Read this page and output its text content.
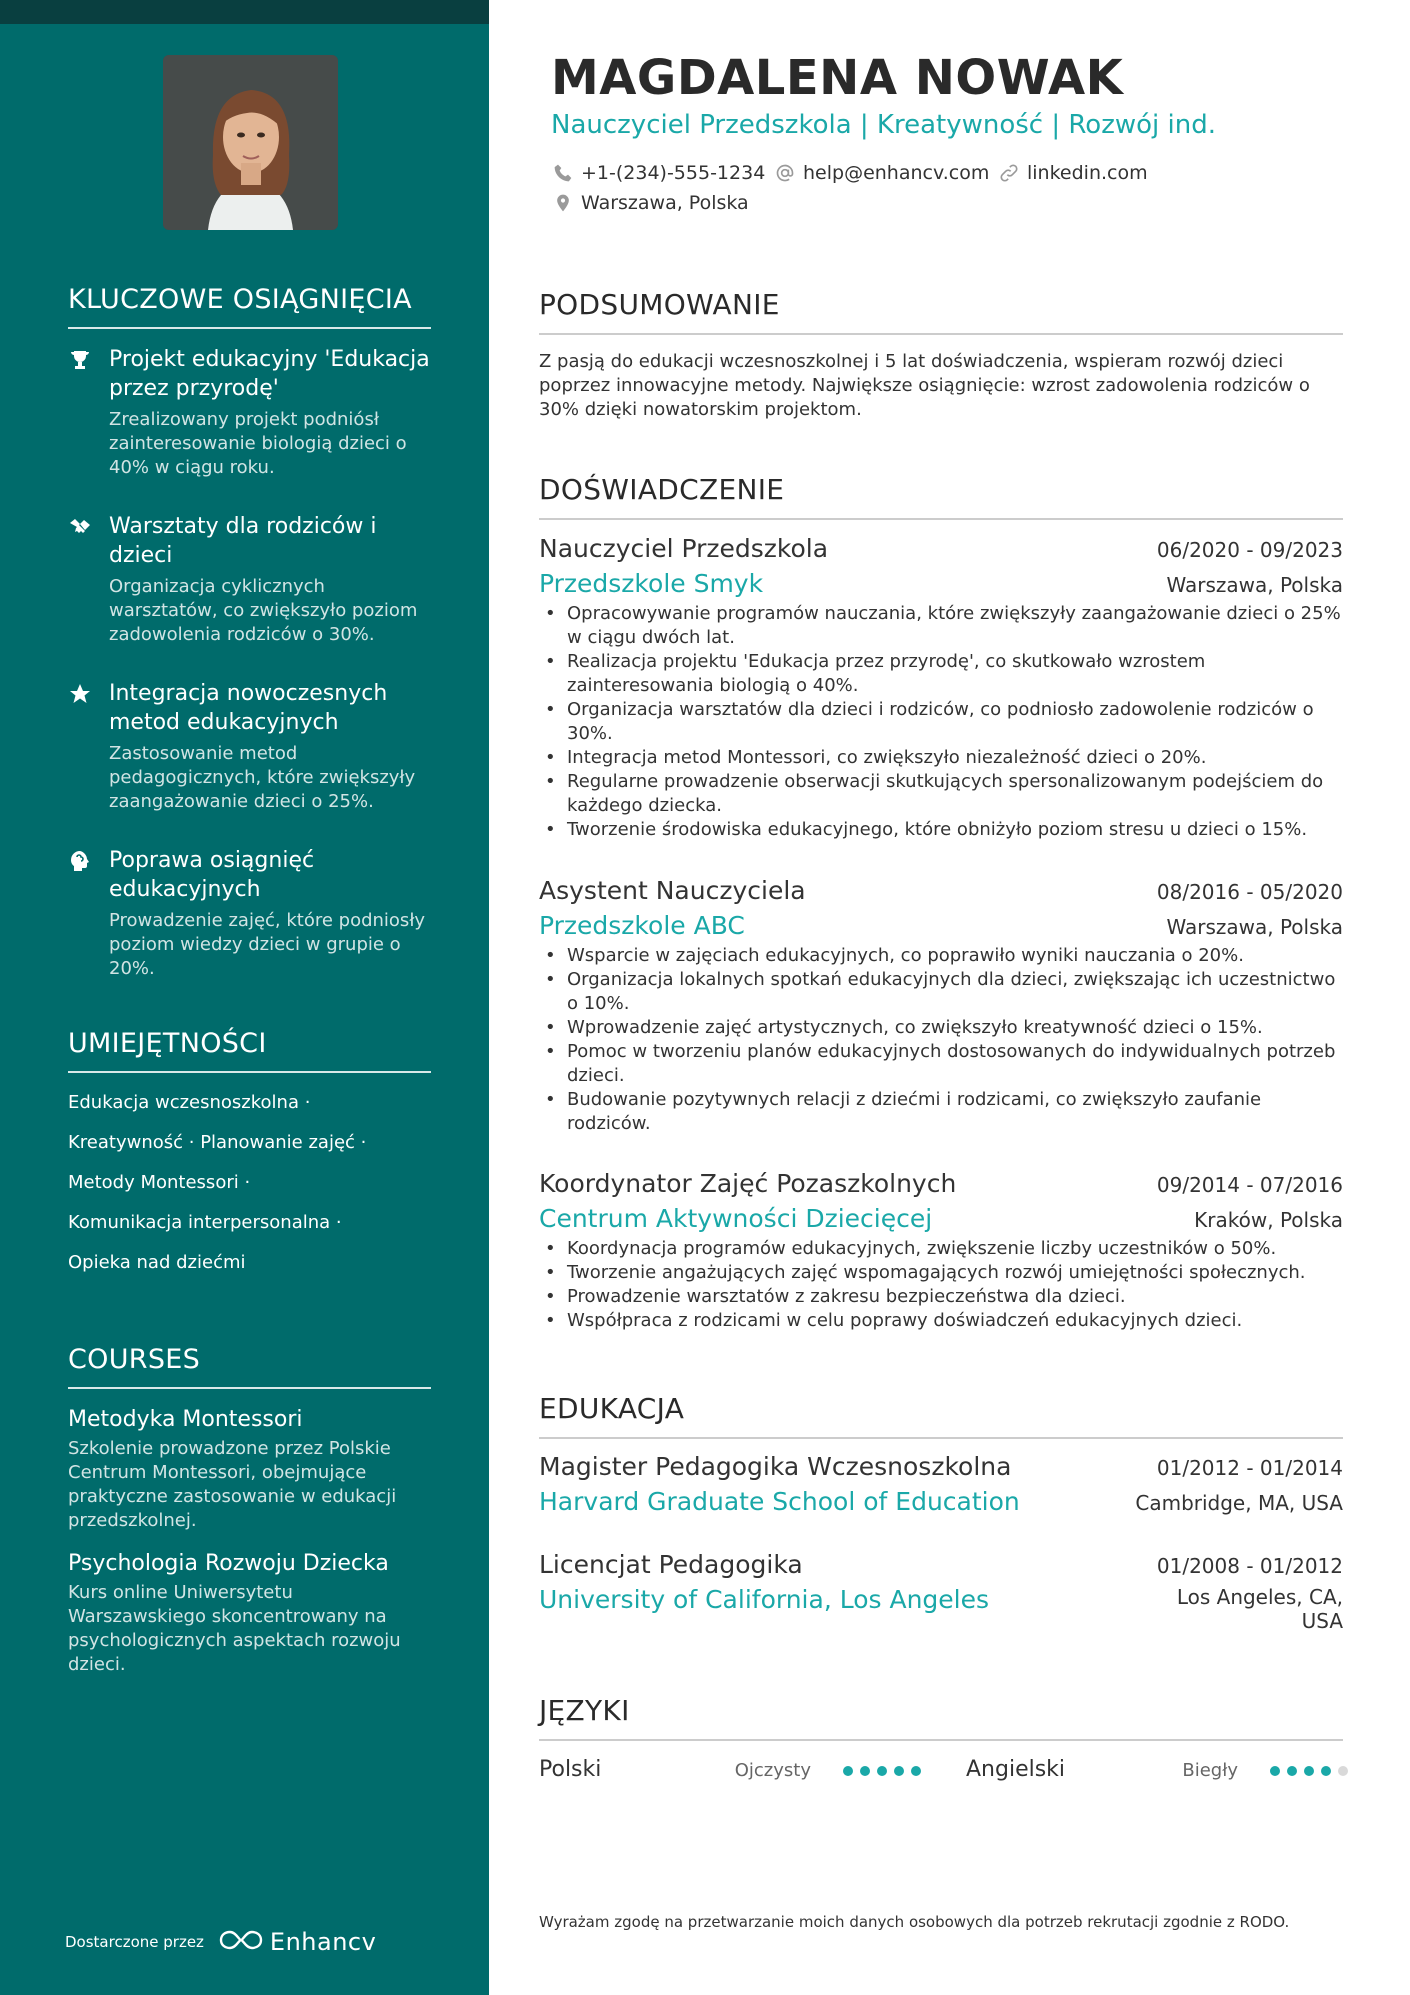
KLUCZOWE OSIĄGNIĘCIA
Projekt edukacyjny 'Edukacja przez przyrodę'
Zrealizowany projekt podniósł zainteresowanie biologią dzieci o 40% w ciągu roku.
Warsztaty dla rodziców i dzieci
Organizacja cyklicznych warsztatów, co zwiększyło poziom zadowolenia rodziców o 30%.
Integracja nowoczesnych metod edukacyjnych
Zastosowanie metod pedagogicznych, które zwiększyły zaangażowanie dzieci o 25%.
Poprawa osiągnięć edukacyjnych
Prowadzenie zajęć, które podniosły poziom wiedzy dzieci w grupie o 20%.
UMIEJĘTNOŚCI
Edukacja wczesnoszkolna ·
Kreatywność · Planowanie zajęć ·
Metody Montessori ·
Komunikacja interpersonalna ·
Opieka nad dziećmi
COURSES
Metodyka Montessori
Szkolenie prowadzone przez Polskie Centrum Montessori, obejmujące praktyczne zastosowanie w edukacji przedszkolnej.
Psychologia Rozwoju Dziecka
Kurs online Uniwersytetu Warszawskiego skoncentrowany na psychologicznych aspektach rozwoju dzieci.
Dostarczone przez	Enhancv
MAGDALENA NOWAK
Nauczyciel Przedszkola | Kreatywność | Rozwój ind.
+1-(234)-555-1234 help@enhancv.com linkedin.com
Warszawa, Polska
PODSUMOWANIE
Z pasją do edukacji wczesnoszkolnej i 5 lat doświadczenia, wspieram rozwój dzieci poprzez innowacyjne metody. Największe osiągnięcie: wzrost zadowolenia rodziców o 30% dzięki nowatorskim projektom.
DOŚWIADCZENIE
Nauczyciel Przedszkola	06/2020 - 09/2023
Przedszkole Smyk	Warszawa, Polska
• Opracowywanie programów nauczania, które zwiększyły zaangażowanie dzieci o 25% w ciągu dwóch lat.
• Realizacja projektu 'Edukacja przez przyrodę', co skutkowało wzrostem zainteresowania biologią o 40%.
• Organizacja warsztatów dla dzieci i rodziców, co podniosło zadowolenie rodziców o 30%.
• Integracja metod Montessori, co zwiększyło niezależność dzieci o 20%.
• Regularne prowadzenie obserwacji skutkujących spersonalizowanym podejściem do każdego dziecka.
• Tworzenie środowiska edukacyjnego, które obniżyło poziom stresu u dzieci o 15%.
Asystent Nauczyciela	08/2016 - 05/2020
Przedszkole ABC	Warszawa, Polska
• Wsparcie w zajęciach edukacyjnych, co poprawiło wyniki nauczania o 20%.
• Organizacja lokalnych spotkań edukacyjnych dla dzieci, zwiększając ich uczestnictwo o 10%.
• Wprowadzenie zajęć artystycznych, co zwiększyło kreatywność dzieci o 15%.
• Pomoc w tworzeniu planów edukacyjnych dostosowanych do indywidualnych potrzeb dzieci.
• Budowanie pozytywnych relacji z dziećmi i rodzicami, co zwiększyło zaufanie rodziców.
Koordynator Zajęć Pozaszkolnych	09/2014 - 07/2016
Centrum Aktywności Dziecięcej	Kraków, Polska
• Koordynacja programów edukacyjnych, zwiększenie liczby uczestników o 50%.
• Tworzenie angażujących zajęć wspomagających rozwój umiejętności społecznych.
• Prowadzenie warsztatów z zakresu bezpieczeństwa dla dzieci.
• Współpraca z rodzicami w celu poprawy doświadczeń edukacyjnych dzieci.
EDUKACJA
Magister Pedagogika Wczesnoszkolna	01/2012 - 01/2014
Harvard Graduate School of Education	Cambridge, MA, USA
Licencjat Pedagogika	01/2008 - 01/2012
University of California, Los Angeles	Los Angeles, CA, USA
JĘZYKI
Polski	Ojczysty	Angielski	Biegły
Wyrażam zgodę na przetwarzanie moich danych osobowych dla potrzeb rekrutacji zgodnie z RODO.
